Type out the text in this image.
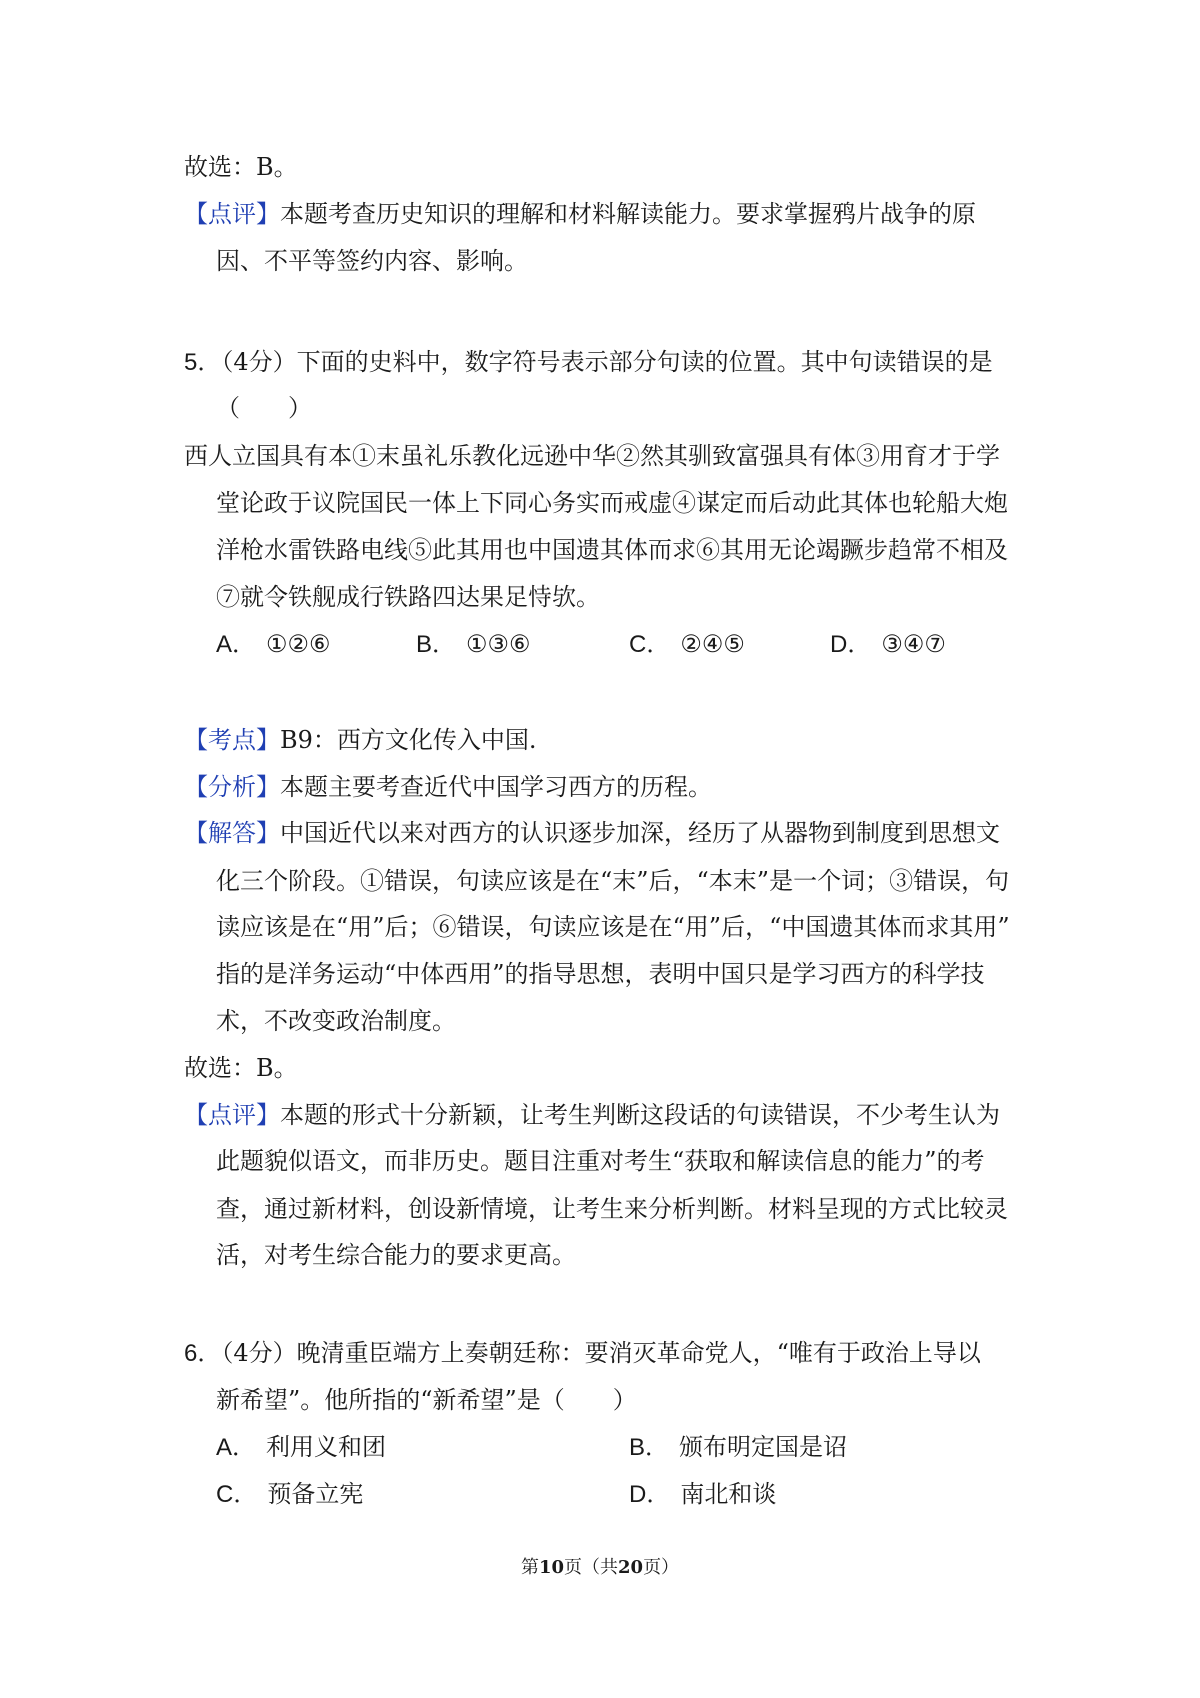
故选：B。
【点评】本题考查历史知识的理解和材料解读能力。要求掌握鸦片战争的原
因、不平等签约内容、影响。
5．（4分）下面的史料中，数字符号表示部分句读的位置。其中句读错误的是
（　　）
西人立国具有本①末虽礼乐教化远逊中华②然其驯致富强具有体③用育才于学
堂论政于议院国民一体上下同心务实而戒虚④谋定而后动此其体也轮船大炮
洋枪水雷铁路电线⑤此其用也中国遗其体而求⑥其用无论竭蹶步趋常不相及
⑦就令铁舰成行铁路四达果足恃欤。
A． ①②⑥	B． ①③⑥	C． ②④⑤	D． ③④⑦
【考点】B9：西方文化传入中国.
【分析】本题主要考查近代中国学习西方的历程。
【解答】中国近代以来对西方的认识逐步加深，经历了从器物到制度到思想文
化三个阶段。①错误，句读应该是在“末”后，“本末”是一个词；③错误，句
读应该是在“用”后；⑥错误，句读应该是在“用”后，“中国遗其体而求其用”
指的是洋务运动“中体西用”的指导思想，表明中国只是学习西方的科学技
术，不改变政治制度。
故选：B。
【点评】本题的形式十分新颖，让考生判断这段话的句读错误，不少考生认为
此题貌似语文，而非历史。题目注重对考生“获取和解读信息的能力”的考
查，通过新材料，创设新情境，让考生来分析判断。材料呈现的方式比较灵
活，对考生综合能力的要求更高。
6．（4分）晚清重臣端方上奏朝廷称：要消灭革命党人，“唯有于政治上导以
新希望”。他所指的“新希望”是（　　）
A． 利用义和团	B． 颁布明定国是诏
C． 预备立宪	D． 南北和谈
第10页（共20页）
